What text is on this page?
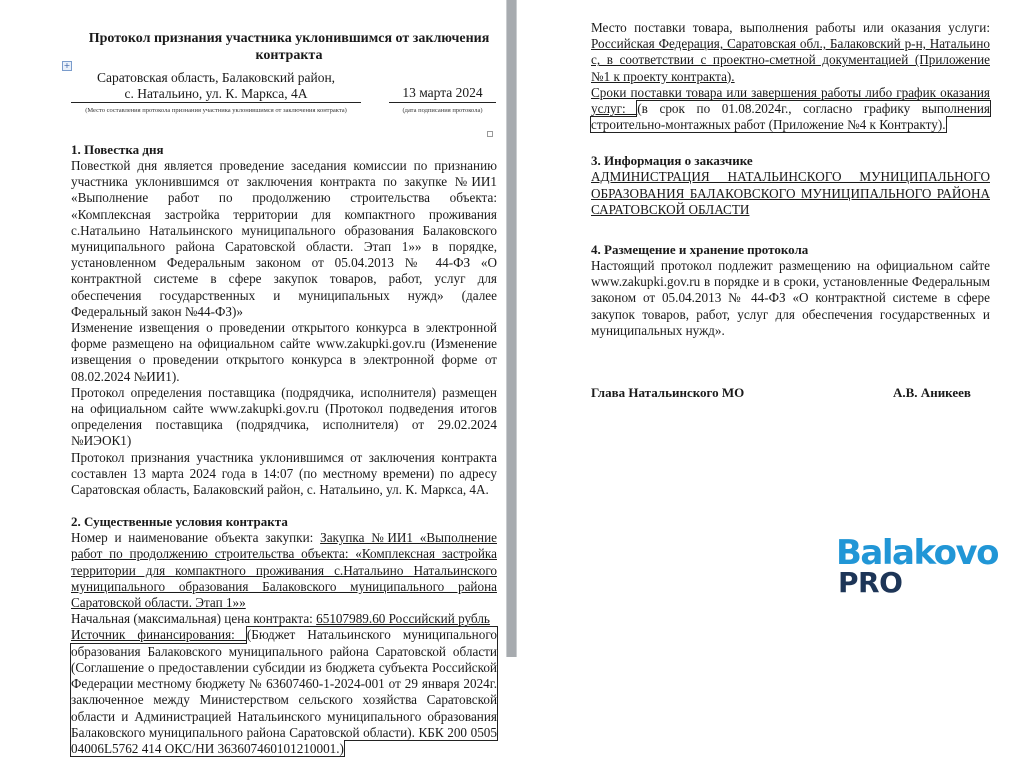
+
Протокол признания участника уклонившимся от заключения контракта
Саратовская область, Балаковский район,

с. Натальино, ул. К. Маркса, 4А	13 марта 2024
(Место составления протокола признания участника уклонившимся от заключения контракта)	(дата подписания протокола)
1. Повестка дня

Повесткой дня является проведение заседания комиссии по признанию участника уклонившимся от заключения контракта по закупке №ИИ1 «Выполнение работ по продолжению строительства объекта: «Комплексная застройка территории для компактного проживания с.Натальино Натальинского муниципального образования Балаковского муниципального района Саратовской области. Этап 1»» в порядке, установленном Федеральным законом от 05.04.2013 № 44-ФЗ «О контрактной системе в сфере закупок товаров, работ, услуг для обеспечения государственных и муниципальных нужд» (далее Федеральный закон №44-ФЗ)»

Изменение извещения о проведении открытого конкурса в электронной форме размещено на официальном сайте www.zakupki.gov.ru (Изменение извещения о проведении открытого конкурса в электронной форме от 08.02.2024 №ИИ1).

Протокол определения поставщика (подрядчика, исполнителя) размещен на официальном сайте www.zakupki.gov.ru (Протокол подведения итогов определения поставщика (подрядчика, исполнителя) от 29.02.2024 №ИЭОК1)

Протокол признания участника уклонившимся от заключения контракта составлен 13 марта 2024 года в 14:07 (по местному времени) по адресу Саратовская область, Балаковский район, с. Натальино, ул. К. Маркса, 4А.

2. Существенные условия контракта

Номер и наименование объекта закупки: Закупка №ИИ1 «Выполнение работ по продолжению строительства объекта: «Комплексная застройка территории для компактного проживания с.Натальино Натальинского муниципального образования Балаковского муниципального района Саратовской области. Этап 1»»

Начальная (максимальная) цена контракта: 65107989.60 Российский рубль

Источник финансирования: (Бюджет Натальинского муниципального образования Балаковского муниципального района Саратовской области (Соглашение о предоставлении субсидии из бюджета субъекта Российской Федерации местному бюджету № 63607460-1-2024-001 от 29 января 2024г. заключенное между Министерством сельского хозяйства Саратовской области и Администрацией Натальинского муниципального образования Балаковского муниципального района Саратовской области). КБК 200 0505 04006L5762 414 ОКС/НИ 363607460101210001.)

Место поставки товара, выполнения работы или оказания услуги: Российская Федерация, Саратовская обл., Балаковский р-н, Натальино с, в соответствии с проектно-сметной документацией (Приложение №1 к проекту контракта).

Сроки поставки товара или завершения работы либо график оказания услуг: (в срок по 01.08.2024г., согласно графику выполнения строительно-монтажных работ (Приложение №4 к Контракту).

3. Информация о заказчике

АДМИНИСТРАЦИЯ НАТАЛЬИНСКОГО МУНИЦИПАЛЬНОГО ОБРАЗОВАНИЯ БАЛАКОВСКОГО МУНИЦИПАЛЬНОГО РАЙОНА САРАТОВСКОЙ ОБЛАСТИ

4. Размещение и хранение протокола

Настоящий протокол подлежит размещению на официальном сайте www.zakupki.gov.ru в порядке и в сроки, установленные Федеральным законом от 05.04.2013 № 44-ФЗ «О контрактной системе в сфере закупок товаров, работ, услуг для обеспечения государственных и муниципальных нужд».

Глава Натальинского МО	А.В. Аникеев
Balakovo
PRO
